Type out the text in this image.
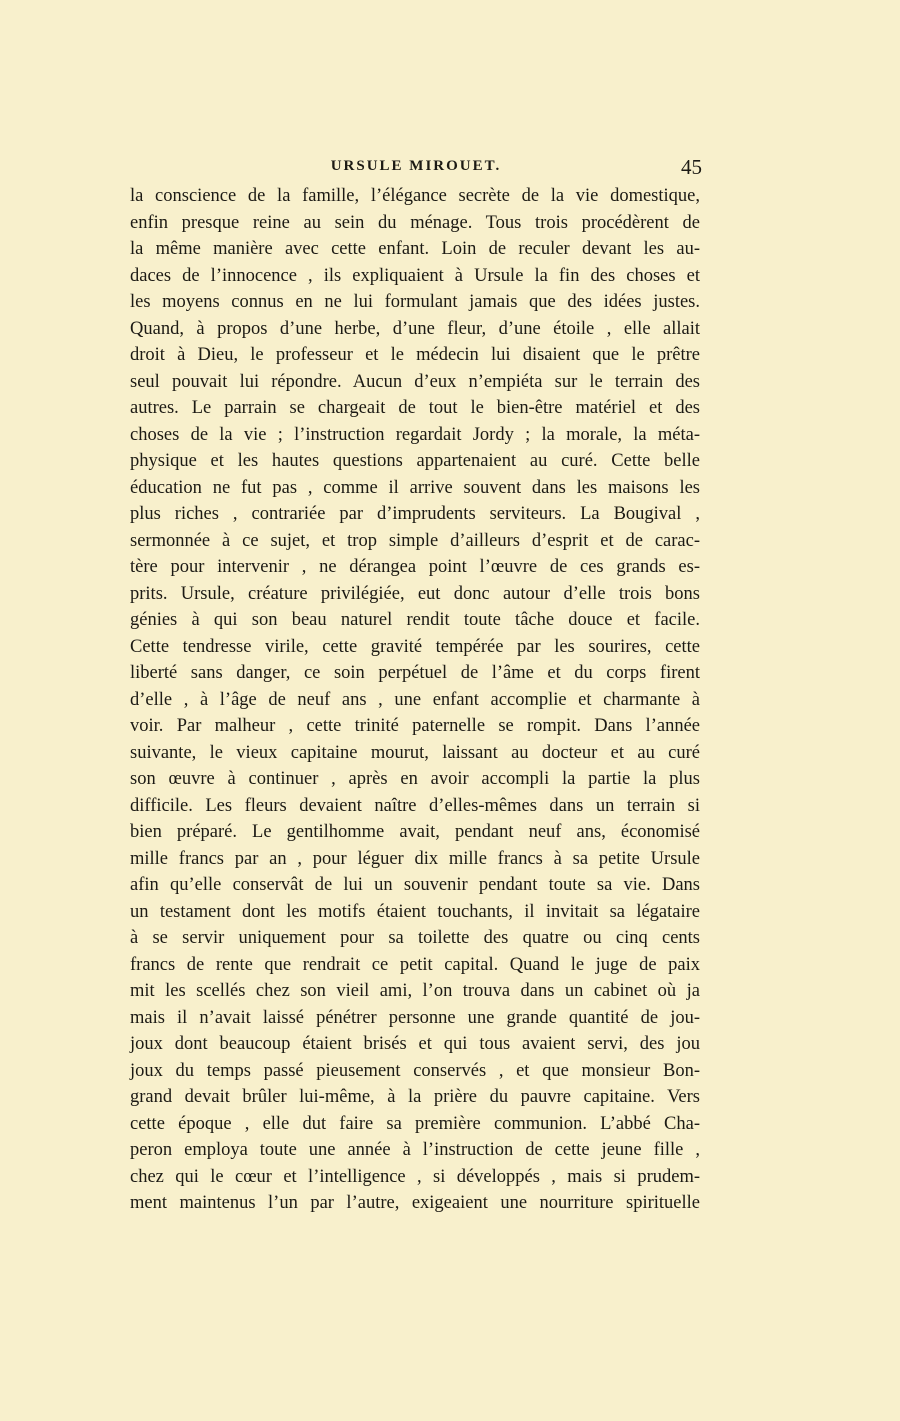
URSULE MIROUET.	45
la conscience de la famille, l’élégance secrète de la vie domestique,
enfin presque reine au sein du ménage. Tous trois procédèrent de
la même manière avec cette enfant. Loin de reculer devant les au-
daces de l’innocence , ils expliquaient à Ursule la fin des choses et
les moyens connus en ne lui formulant jamais que des idées justes.
Quand, à propos d’une herbe, d’une fleur, d’une étoile , elle allait
droit à Dieu, le professeur et le médecin lui disaient que le prêtre
seul pouvait lui répondre. Aucun d’eux n’empiéta sur le terrain des
autres. Le parrain se chargeait de tout le bien-être matériel et des
choses de la vie ; l’instruction regardait Jordy ; la morale, la méta-
physique et les hautes questions appartenaient au curé. Cette belle
éducation ne fut pas , comme il arrive souvent dans les maisons les
plus riches , contrariée par d’imprudents serviteurs. La Bougival ,
sermonnée à ce sujet, et trop simple d’ailleurs d’esprit et de carac-
tère pour intervenir , ne dérangea point l’œuvre de ces grands es-
prits. Ursule, créature privilégiée, eut donc autour d’elle trois bons
génies à qui son beau naturel rendit toute tâche douce et facile.
Cette tendresse virile, cette gravité tempérée par les sourires, cette
liberté sans danger, ce soin perpétuel de l’âme et du corps firent
d’elle , à l’âge de neuf ans , une enfant accomplie et charmante à
voir. Par malheur , cette trinité paternelle se rompit. Dans l’année
suivante, le vieux capitaine mourut, laissant au docteur et au curé
son œuvre à continuer , après en avoir accompli la partie la plus
difficile. Les fleurs devaient naître d’elles-mêmes dans un terrain si
bien préparé. Le gentilhomme avait, pendant neuf ans, économisé
mille francs par an , pour léguer dix mille francs à sa petite Ursule
afin qu’elle conservât de lui un souvenir pendant toute sa vie. Dans
un testament dont les motifs étaient touchants, il invitait sa légataire
à se servir uniquement pour sa toilette des quatre ou cinq cents
francs de rente que rendrait ce petit capital. Quand le juge de paix
mit les scellés chez son vieil ami, l’on trouva dans un cabinet où ja
mais il n’avait laissé pénétrer personne une grande quantité de jou-
joux dont beaucoup étaient brisés et qui tous avaient servi, des jou
joux du temps passé pieusement conservés , et que monsieur Bon-
grand devait brûler lui-même, à la prière du pauvre capitaine. Vers
cette époque , elle dut faire sa première communion. L’abbé Cha-
peron employa toute une année à l’instruction de cette jeune fille ,
chez qui le cœur et l’intelligence , si développés , mais si prudem-
ment maintenus l’un par l’autre, exigeaient une nourriture spirituelle
